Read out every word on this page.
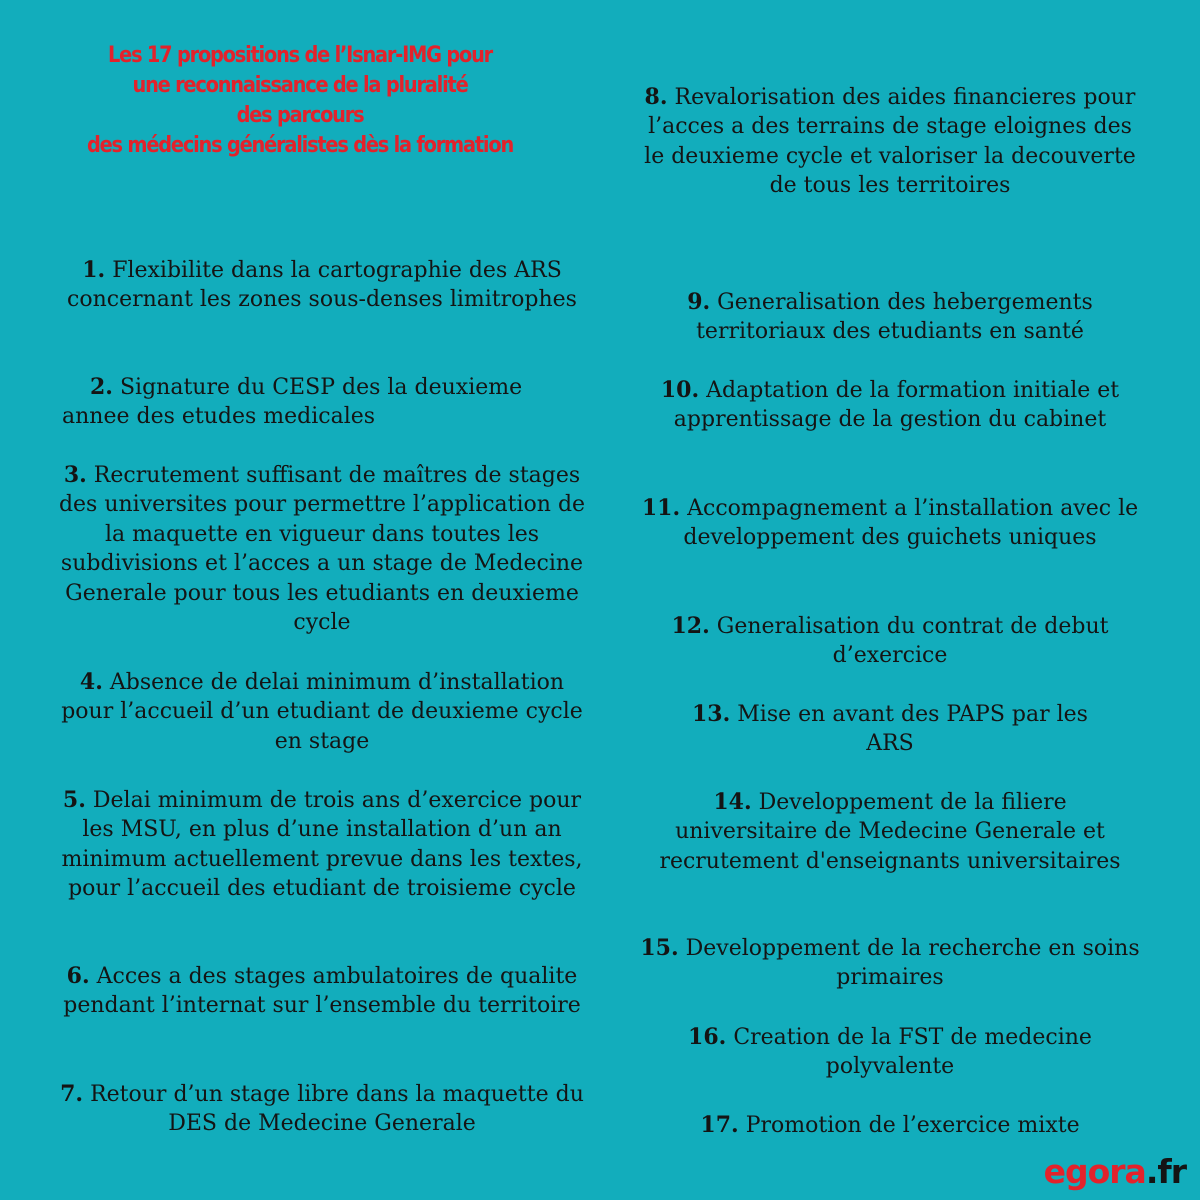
Les 17 propositions de l’Isnar-IMG pour
une reconnaissance de la pluralité
des parcours
des médecins généralistes dès la formation

1. Flexibilite dans la cartographie des ARS concernant les zones sous-denses limitrophes

2. Signature du CESP des la deuxieme annee des etudes medicales

3. Recrutement suffisant de maîtres de stages des universites pour permettre l’application de la maquette en vigueur dans toutes les subdivisions et l’acces a un stage de Medecine Generale pour tous les etudiants en deuxieme cycle

4. Absence de delai minimum d’installation pour l’accueil d’un etudiant de deuxieme cycle en stage

5. Delai minimum de trois ans d’exercice pour les MSU, en plus d’une installation d’un an minimum actuellement prevue dans les textes, pour l’accueil des etudiant de troisieme cycle

6. Acces a des stages ambulatoires de qualite pendant l’internat sur l’ensemble du territoire

7. Retour d’un stage libre dans la maquette du DES de Medecine Generale

8. Revalorisation des aides financieres pour l’acces a des terrains de stage eloignes des le deuxieme cycle et valoriser la decouverte de tous les territoires

9. Generalisation des hebergements territoriaux des etudiants en santé

10. Adaptation de la formation initiale et apprentissage de la gestion du cabinet

11. Accompagnement a l’installation avec le developpement des guichets uniques

12. Generalisation du contrat de debut d’exercice

13. Mise en avant des PAPS par les ARS

14. Developpement de la filiere universitaire de Medecine Generale et recrutement d'enseignants universitaires

15. Developpement de la recherche en soins primaires

16. Creation de la FST de medecine polyvalente

17. Promotion de l’exercice mixte

egora.fr
